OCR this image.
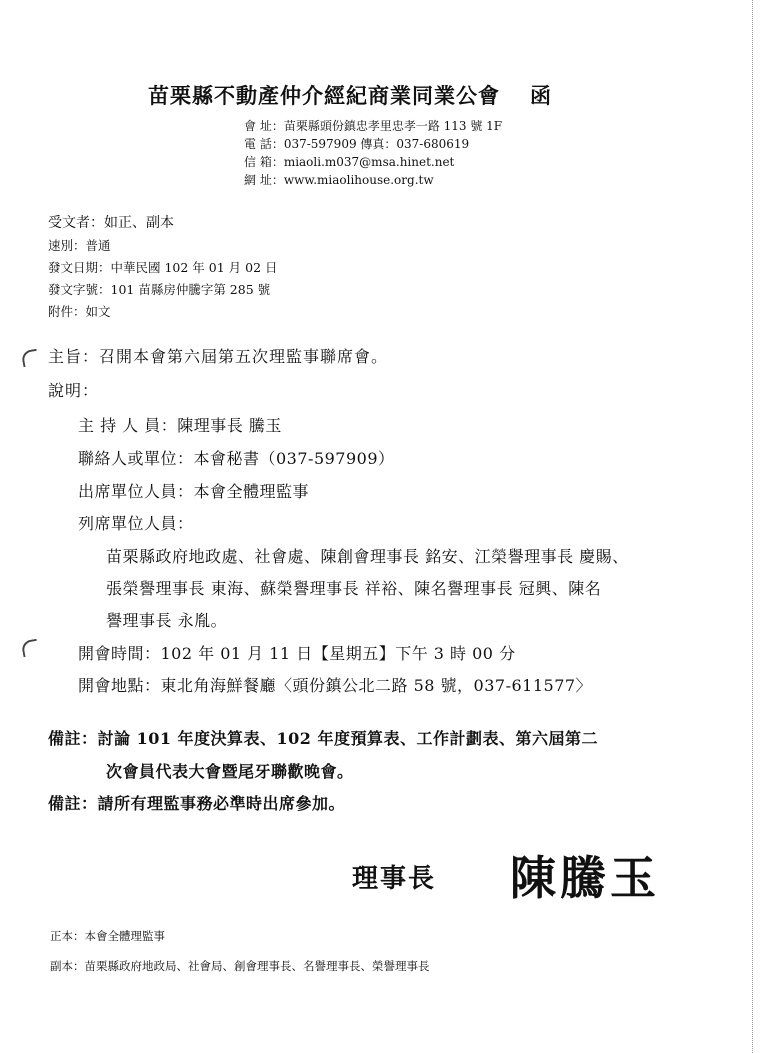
苗栗縣不動產仲介經紀商業同業公會 函
會 址：苗栗縣頭份鎮忠孝里忠孝一路 113 號 1F
電 話：037-597909 傳真：037-680619
信 箱：miaoli.m037@msa.hinet.net
網 址：www.miaolihouse.org.tw
受文者：如正、副本
速別：普通
發文日期：中華民國 102 年 01 月 02 日
發文字號：101 苗縣房仲騰字第 285 號
附件：如文
主旨：召開本會第六屆第五次理監事聯席會。
說明：
主 持 人 員：陳理事長 騰玉
聯絡人或單位：本會秘書（037-597909）
出席單位人員：本會全體理監事
列席單位人員：
苗栗縣政府地政處、社會處、陳創會理事長 銘安、江榮譽理事長 慶賜、
張榮譽理事長 東海、蘇榮譽理事長 祥裕、陳名譽理事長 冠興、陳名
譽理事長 永胤。
開會時間：102 年 01 月 11 日【星期五】下午 3 時 00 分
開會地點：東北角海鮮餐廳〈頭份鎮公北二路 58 號，037-611577〉
備註：討論 101 年度決算表、102 年度預算表、工作計劃表、第六屆第二
次會員代表大會暨尾牙聯歡晚會。
備註：請所有理監事務必準時出席參加。
理事長 陳騰玉
正本：本會全體理監事
副本：苗栗縣政府地政局、社會局、創會理事長、名譽理事長、榮譽理事長
